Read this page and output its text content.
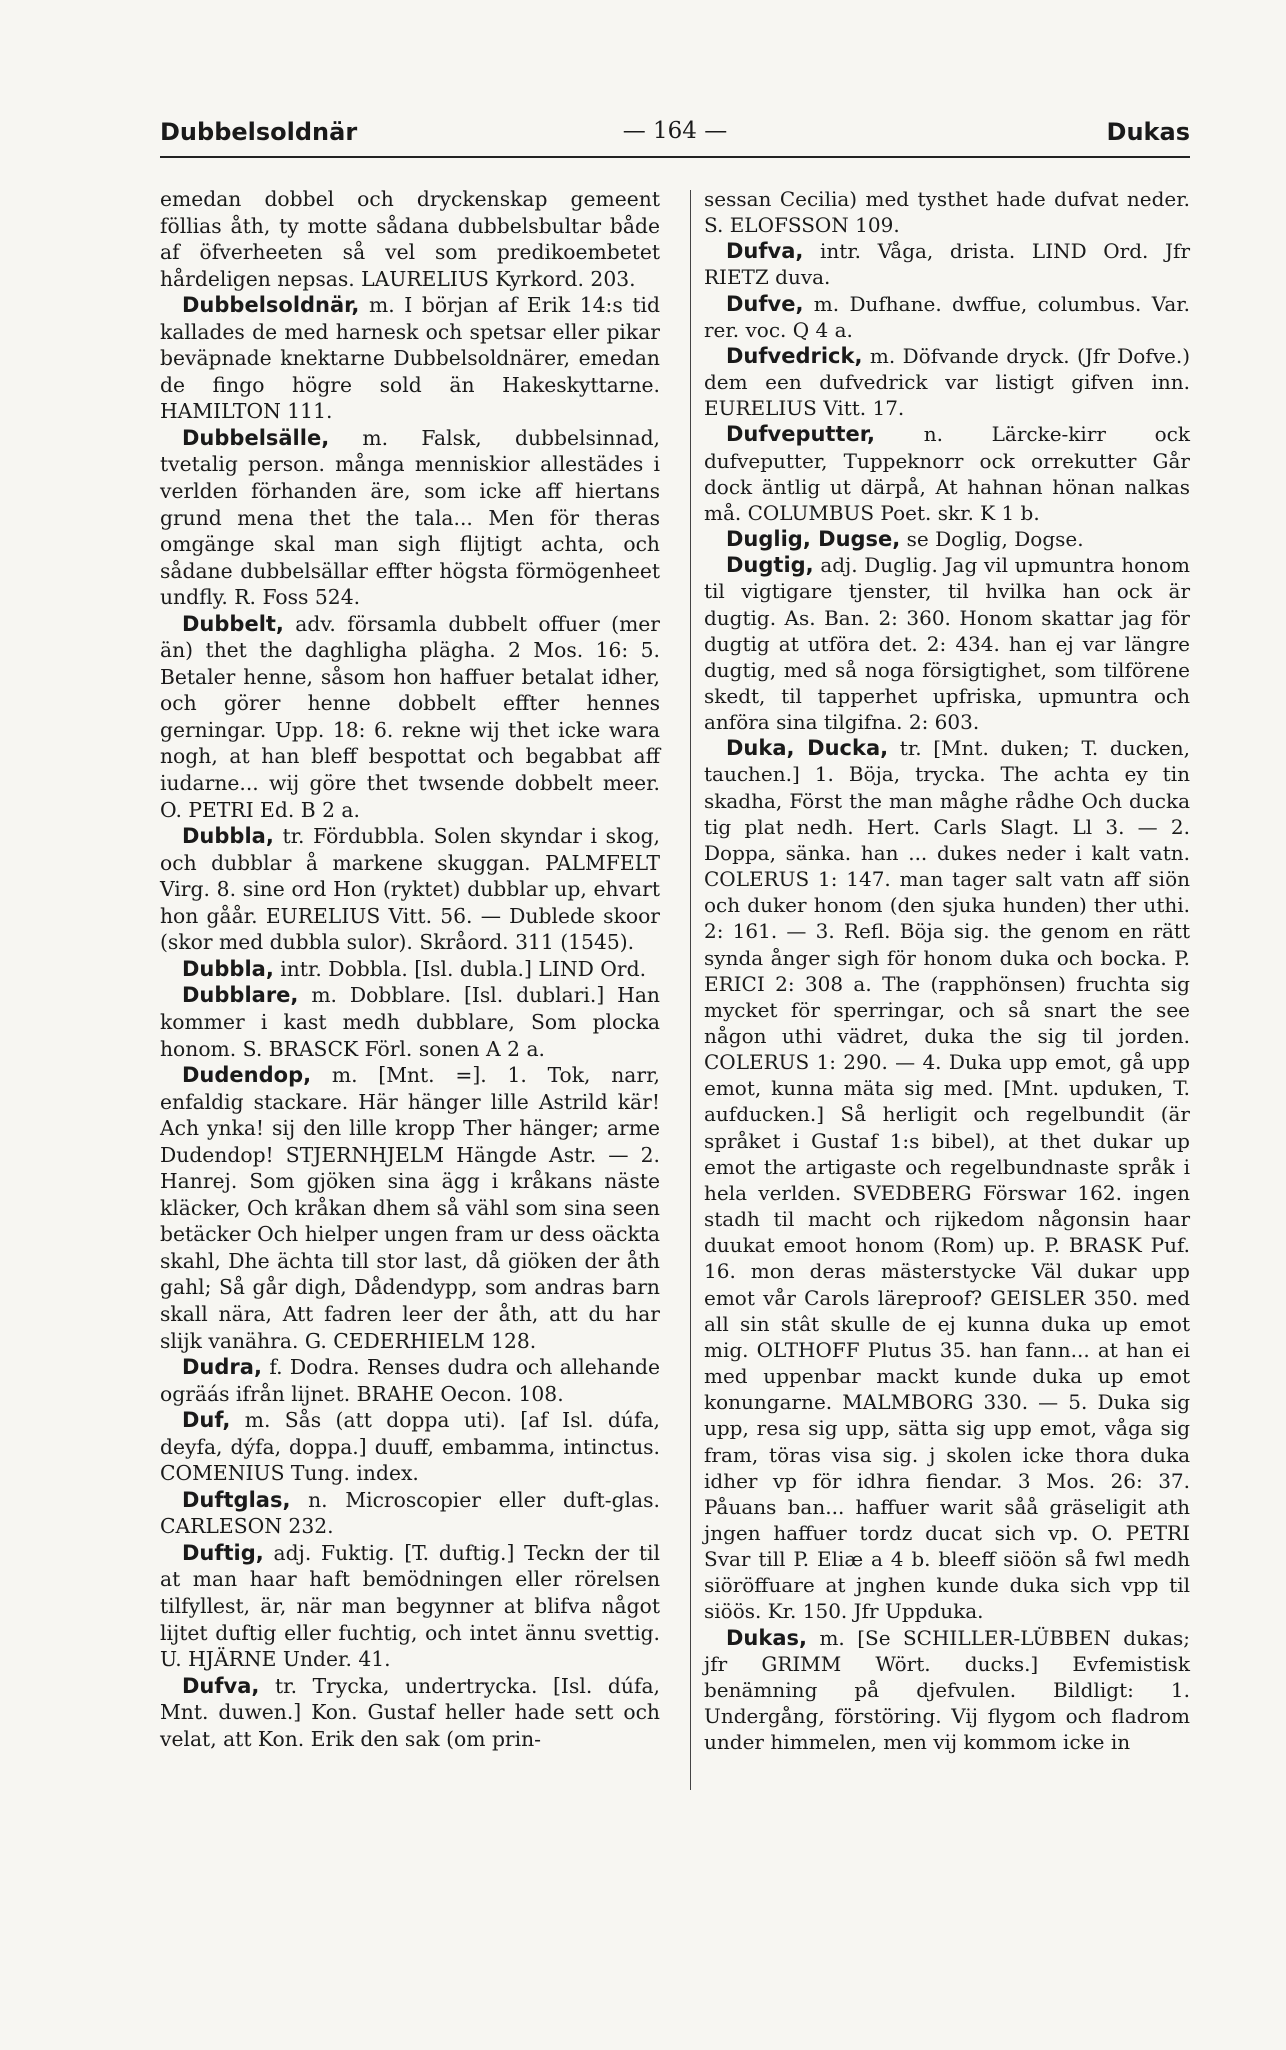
Dubbelsoldnär	— 164 —	Dukas

emedan dobbel och dryckenskap gemeent föllias åth, ty motte sådana dubbelsbultar både af öfverheeten så vel som predikoembetet hårdeligen nepsas. LAURELIUS Kyrkord. 203.

Dubbelsoldnär, m. I början af Erik 14:s tid kallades de med harnesk och spetsar eller pikar beväpnade knektarne Dubbelsoldnärer, emedan de fingo högre sold än Hakeskyttarne. HAMILTON 111.

Dubbelsälle, m. Falsk, dubbelsinnad, tvetalig person. många menniskior allestädes i verlden förhanden äre, som icke aff hiertans grund mena thet the tala... Men för theras omgänge skal man sigh flijtigt achta, och sådane dubbelsällar effter högsta förmögenheet undfly. R. Foss 524.

Dubbelt, adv. församla dubbelt offuer (mer än) thet the daghligha plägha. 2 Mos. 16: 5. Betaler henne, såsom hon haffuer betalat idher, och görer henne dobbelt effter hennes gerningar. Upp. 18: 6. rekne wij thet icke wara nogh, at han bleff bespottat och begabbat aff iudarne... wij göre thet twsende dobbelt meer. O. PETRI Ed. B 2 a.

Dubbla, tr. Fördubbla. Solen skyndar i skog, och dubblar å markene skuggan. PALMFELT Virg. 8. sine ord Hon (ryktet) dubblar up, ehvart hon gåår. EURELIUS Vitt. 56. — Dublede skoor (skor med dubbla sulor). Skråord. 311 (1545).

Dubbla, intr. Dobbla. [Isl. dubla.] LIND Ord.

Dubblare, m. Dobblare. [Isl. dublari.] Han kommer i kast medh dubblare, Som plocka honom. S. BRASCK Förl. sonen A 2 a.

Dudendop, m. [Mnt. =]. 1. Tok, narr, enfaldig stackare. Här hänger lille Astrild kär! Ach ynka! sij den lille kropp Ther hänger; arme Dudendop! STJERNHJELM Hängde Astr. — 2. Hanrej. Som gjöken sina ägg i kråkans näste kläcker, Och kråkan dhem så vähl som sina seen betäcker Och hielper ungen fram ur dess oäckta skahl, Dhe ächta till stor last, då giöken der åth gahl; Så går digh, Dådendypp, som andras barn skall nära, Att fadren leer der åth, att du har slijk vanähra. G. CEDERHIELM 128.

Dudra, f. Dodra. Renses dudra och allehande ogräás ifrån lijnet. BRAHE Oecon. 108.

Duf, m. Sås (att doppa uti). [af Isl. dúfa, deyfa, dýfa, doppa.] duuff, embamma, intinctus. COMENIUS Tung. index.

Duftglas, n. Microscopier eller duft-glas. CARLESON 232.

Duftig, adj. Fuktig. [T. duftig.] Teckn der til at man haar haft bemödningen eller rörelsen tilfyllest, är, när man begynner at blifva något lijtet duftig eller fuchtig, och intet ännu svettig. U. HJÄRNE Under. 41.

Dufva, tr. Trycka, undertrycka. [Isl. dúfa, Mnt. duwen.] Kon. Gustaf heller hade sett och velat, att Kon. Erik den sak (om prin-

sessan Cecilia) med tysthet hade dufvat neder. S. ELOFSSON 109.

Dufva, intr. Våga, drista. LIND Ord. Jfr RIETZ duva.

Dufve, m. Dufhane. dwffue, columbus. Var. rer. voc. Q 4 a.

Dufvedrick, m. Döfvande dryck. (Jfr Dofve.) dem een dufvedrick var listigt gifven inn. EURELIUS Vitt. 17.

Dufveputter, n. Lärcke-kirr ock dufveputter, Tuppeknorr ock orrekutter Går dock äntlig ut därpå, At hahnan hönan nalkas må. COLUMBUS Poet. skr. K 1 b.

Duglig, Dugse, se Doglig, Dogse.

Dugtig, adj. Duglig. Jag vil upmuntra honom til vigtigare tjenster, til hvilka han ock är dugtig. As. Ban. 2: 360. Honom skattar jag för dugtig at utföra det. 2: 434. han ej var längre dugtig, med så noga försigtighet, som tilförene skedt, til tapperhet upfriska, upmuntra och anföra sina tilgifna. 2: 603.

Duka, Ducka, tr. [Mnt. duken; T. ducken, tauchen.] 1. Böja, trycka. The achta ey tin skadha, Först the man måghe rådhe Och ducka tig plat nedh. Hert. Carls Slagt. Ll 3. — 2. Doppa, sänka. han ... dukes neder i kalt vatn. COLERUS 1: 147. man tager salt vatn aff siön och duker honom (den sjuka hunden) ther uthi. 2: 161. — 3. Refl. Böja sig. the genom en rätt synda ånger sigh för honom duka och bocka. P. ERICI 2: 308 a. The (rapphönsen) fruchta sig mycket för sperringar, och så snart the see någon uthi vädret, duka the sig til jorden. COLERUS 1: 290. — 4. Duka upp emot, gå upp emot, kunna mäta sig med. [Mnt. upduken, T. aufducken.] Så herligit och regelbundit (är språket i Gustaf 1:s bibel), at thet dukar up emot the artigaste och regelbundnaste språk i hela verlden. SVEDBERG Förswar 162. ingen stadh til macht och rijkedom någonsin haar duukat emoot honom (Rom) up. P. BRASK Puf. 16. mon deras mästerstycke Väl dukar upp emot vår Carols läreproof? GEISLER 350. med all sin stât skulle de ej kunna duka up emot mig. OLTHOFF Plutus 35. han fann... at han ei med uppenbar mackt kunde duka up emot konungarne. MALMBORG 330. — 5. Duka sig upp, resa sig upp, sätta sig upp emot, våga sig fram, töras visa sig. j skolen icke thora duka idher vp för idhra fiendar. 3 Mos. 26: 37. Påuans ban... haffuer warit såå gräseligit ath jngen haffuer tordz ducat sich vp. O. PETRI Svar till P. Eliæ a 4 b. bleeff siöön så fwl medh siöröffuare at jnghen kunde duka sich vpp til siöös. Kr. 150. Jfr Uppduka.

Dukas, m. [Se SCHILLER-LÜBBEN dukas; jfr GRIMM Wört. ducks.] Evfemistisk benämning på djefvulen. Bildligt: 1. Undergång, förstöring. Vij flygom och fladrom under himmelen, men vij kommom icke in
